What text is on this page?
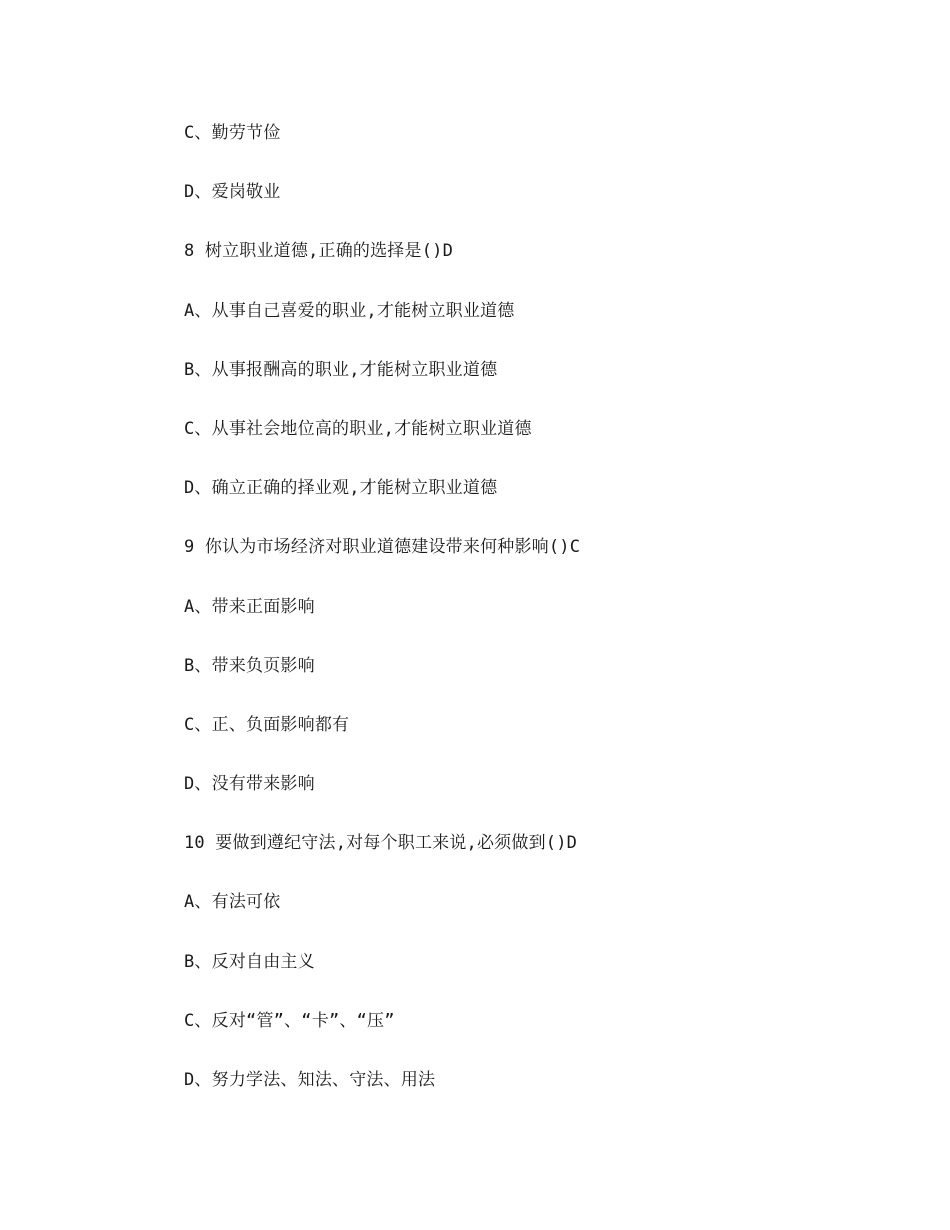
C、勤劳节俭
D、爱岗敬业
8 树立职业道德,正确的选择是()D
A、从事自己喜爱的职业,才能树立职业道德
B、从事报酬高的职业,才能树立职业道德
C、从事社会地位高的职业,才能树立职业道德
D、确立正确的择业观,才能树立职业道德
9 你认为市场经济对职业道德建设带来何种影响()C
A、带来正面影响
B、带来负页影响
C、正、负面影响都有
D、没有带来影响
10 要做到遵纪守法,对每个职工来说,必须做到()D
A、有法可依
B、反对自由主义
C、反对“管”、“卡”、“压”
D、努力学法、知法、守法、用法
